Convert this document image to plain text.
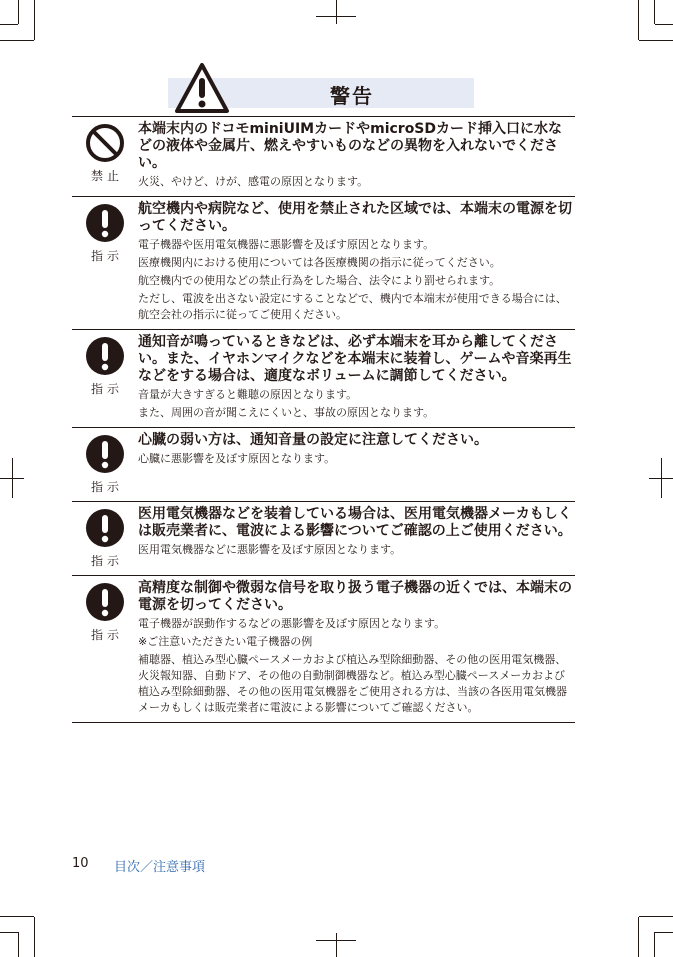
警告
禁止

本端末内のドコモminiUIMカードやmicroSDカード挿入口に水などの液体や金属片、燃えやすいものなどの異物を入れないでください。

火災、やけど、けが、感電の原因となります。

指示

航空機内や病院など、使用を禁止された区域では、本端末の電源を切ってください。

電子機器や医用電気機器に悪影響を及ぼす原因となります。

医療機関内における使用については各医療機関の指示に従ってください。

航空機内での使用などの禁止行為をした場合、法令により罰せられます。

ただし、電波を出さない設定にすることなどで、機内で本端末が使用できる場合には、航空会社の指示に従ってご使用ください。

指示

通知音が鳴っているときなどは、必ず本端末を耳から離してください。また、イヤホンマイクなどを本端末に装着し、ゲームや音楽再生などをする場合は、適度なボリュームに調節してください。

音量が大きすぎると難聴の原因となります。

また、周囲の音が聞こえにくいと、事故の原因となります。

指示

心臓の弱い方は、通知音量の設定に注意してください。

心臓に悪影響を及ぼす原因となります。

指示

医用電気機器などを装着している場合は、医用電気機器メーカもしくは販売業者に、電波による影響についてご確認の上ご使用ください。

医用電気機器などに悪影響を及ぼす原因となります。

指示

高精度な制御や微弱な信号を取り扱う電子機器の近くでは、本端末の電源を切ってください。

電子機器が誤動作するなどの悪影響を及ぼす原因となります。

※ご注意いただきたい電子機器の例

補聴器、植込み型心臓ペースメーカおよび植込み型除細動器、その他の医用電気機器、火災報知器、自動ドア、その他の自動制御機器など。植込み型心臓ペースメーカおよび植込み型除細動器、その他の医用電気機器をご使用される方は、当該の各医用電気機器メーカもしくは販売業者に電波による影響についてご確認ください。

10 目次／注意事項
